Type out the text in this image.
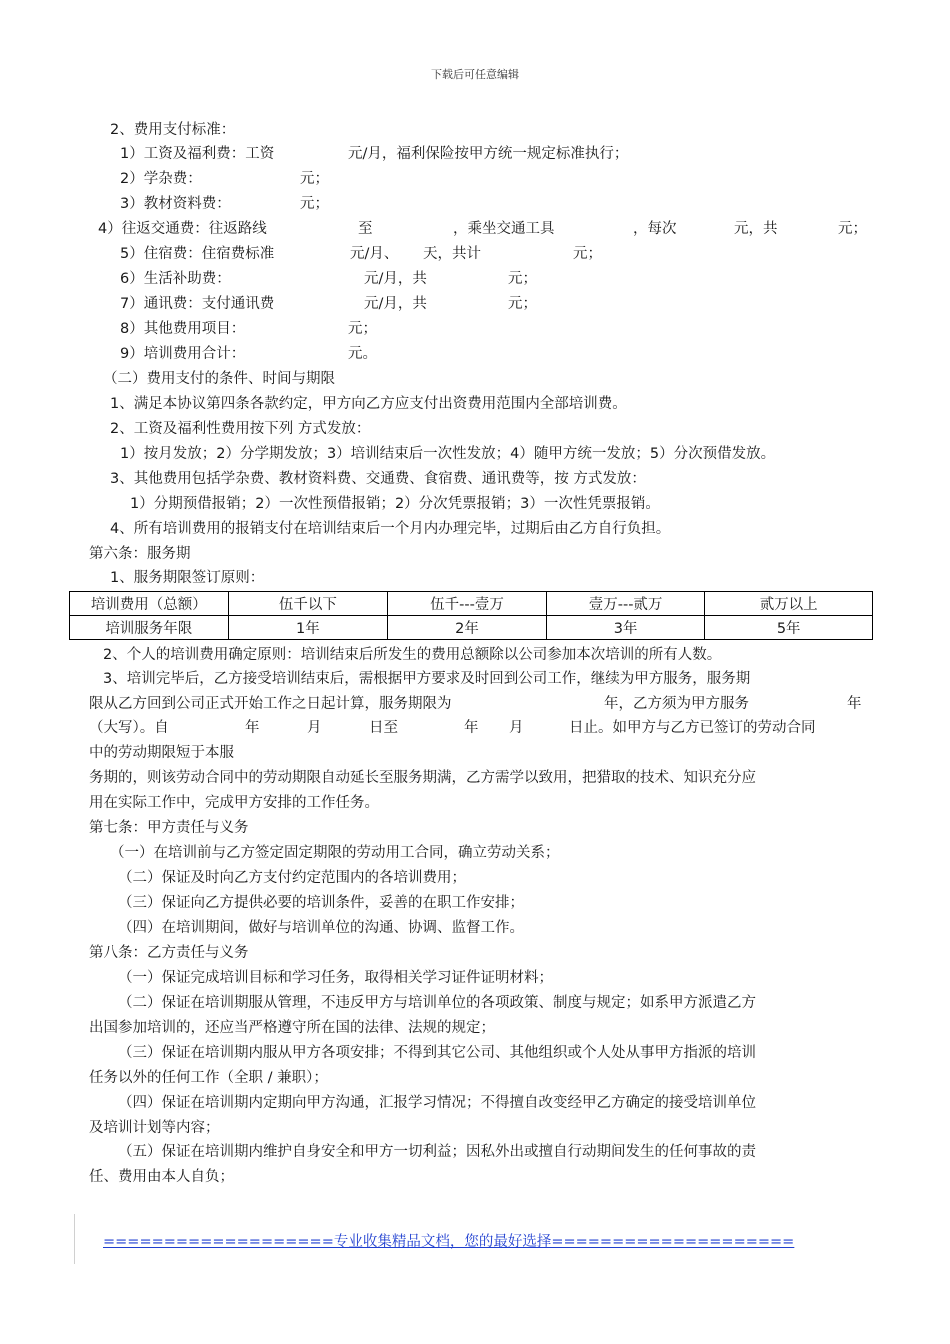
下载后可任意编辑
2、费用支付标准：
1）工资及福利费：工资	元/月，福利保险按甲方统一规定标准执行；
2）学杂费：	元；
3）教材资料费：	元；
4）往返交通费：往返路线	至	，乘坐交通工具	，每次	元，共	元；
5）住宿费：住宿费标准	元/月、 天，共计	元；
6）生活补助费：	元/月，共	元；
7）通讯费：支付通讯费	元/月，共	元；
8）其他费用项目：	元；
9）培训费用合计：	元。
（二）费用支付的条件、时间与期限
1、满足本协议第四条各款约定，甲方向乙方应支付出资费用范围内全部培训费。
2、工资及福利性费用按下列 方式发放：
1）按月发放；2）分学期发放；3）培训结束后一次性发放；4）随甲方统一发放；5）分次预借发放。
3、其他费用包括学杂费、教材资料费、交通费、食宿费、通讯费等，按 方式发放：
1）分期预借报销；2）一次性预借报销；2）分次凭票报销；3）一次性凭票报销。
4、所有培训费用的报销支付在培训结束后一个月内办理完毕，过期后由乙方自行负担。
第六条：服务期
1、服务期限签订原则：
培训费用（总额）	伍千以下	伍千---壹万	壹万---贰万	贰万以上
培训服务年限	1年	2年	3年	5年
2、个人的培训费用确定原则：培训结束后所发生的费用总额除以公司参加本次培训的所有人数。
3、培训完毕后，乙方接受培训结束后，需根据甲方要求及时回到公司工作，继续为甲方服务，服务期
限从乙方回到公司正式开始工作之日起计算，服务期限为	年，乙方须为甲方服务	年
（大写）。自	年	月	日至	年 月	日止。如甲方与乙方已签订的劳动合同
中的劳动期限短于本服
务期的，则该劳动合同中的劳动期限自动延长至服务期满，乙方需学以致用，把猎取的技术、知识充分应
用在实际工作中，完成甲方安排的工作任务。
第七条：甲方责任与义务
（一）在培训前与乙方签定固定期限的劳动用工合同，确立劳动关系；
（二）保证及时向乙方支付约定范围内的各培训费用；
（三）保证向乙方提供必要的培训条件，妥善的在职工作安排；
（四）在培训期间，做好与培训单位的沟通、协调、监督工作。
第八条：乙方责任与义务
（一）保证完成培训目标和学习任务，取得相关学习证件证明材料；
（二）保证在培训期服从管理，不违反甲方与培训单位的各项政策、制度与规定；如系甲方派遣乙方
出国参加培训的，还应当严格遵守所在国的法律、法规的规定；
（三）保证在培训期内服从甲方各项安排；不得到其它公司、其他组织或个人处从事甲方指派的培训
任务以外的任何工作（全职 / 兼职）；
（四）保证在培训期内定期向甲方沟通，汇报学习情况；不得擅自改变经甲乙方确定的接受培训单位
及培训计划等内容；
（五）保证在培训期内维护自身安全和甲方一切利益；因私外出或擅自行动期间发生的任何事故的责
任、费用由本人自负；
===================专业收集精品文档，您的最好选择====================
